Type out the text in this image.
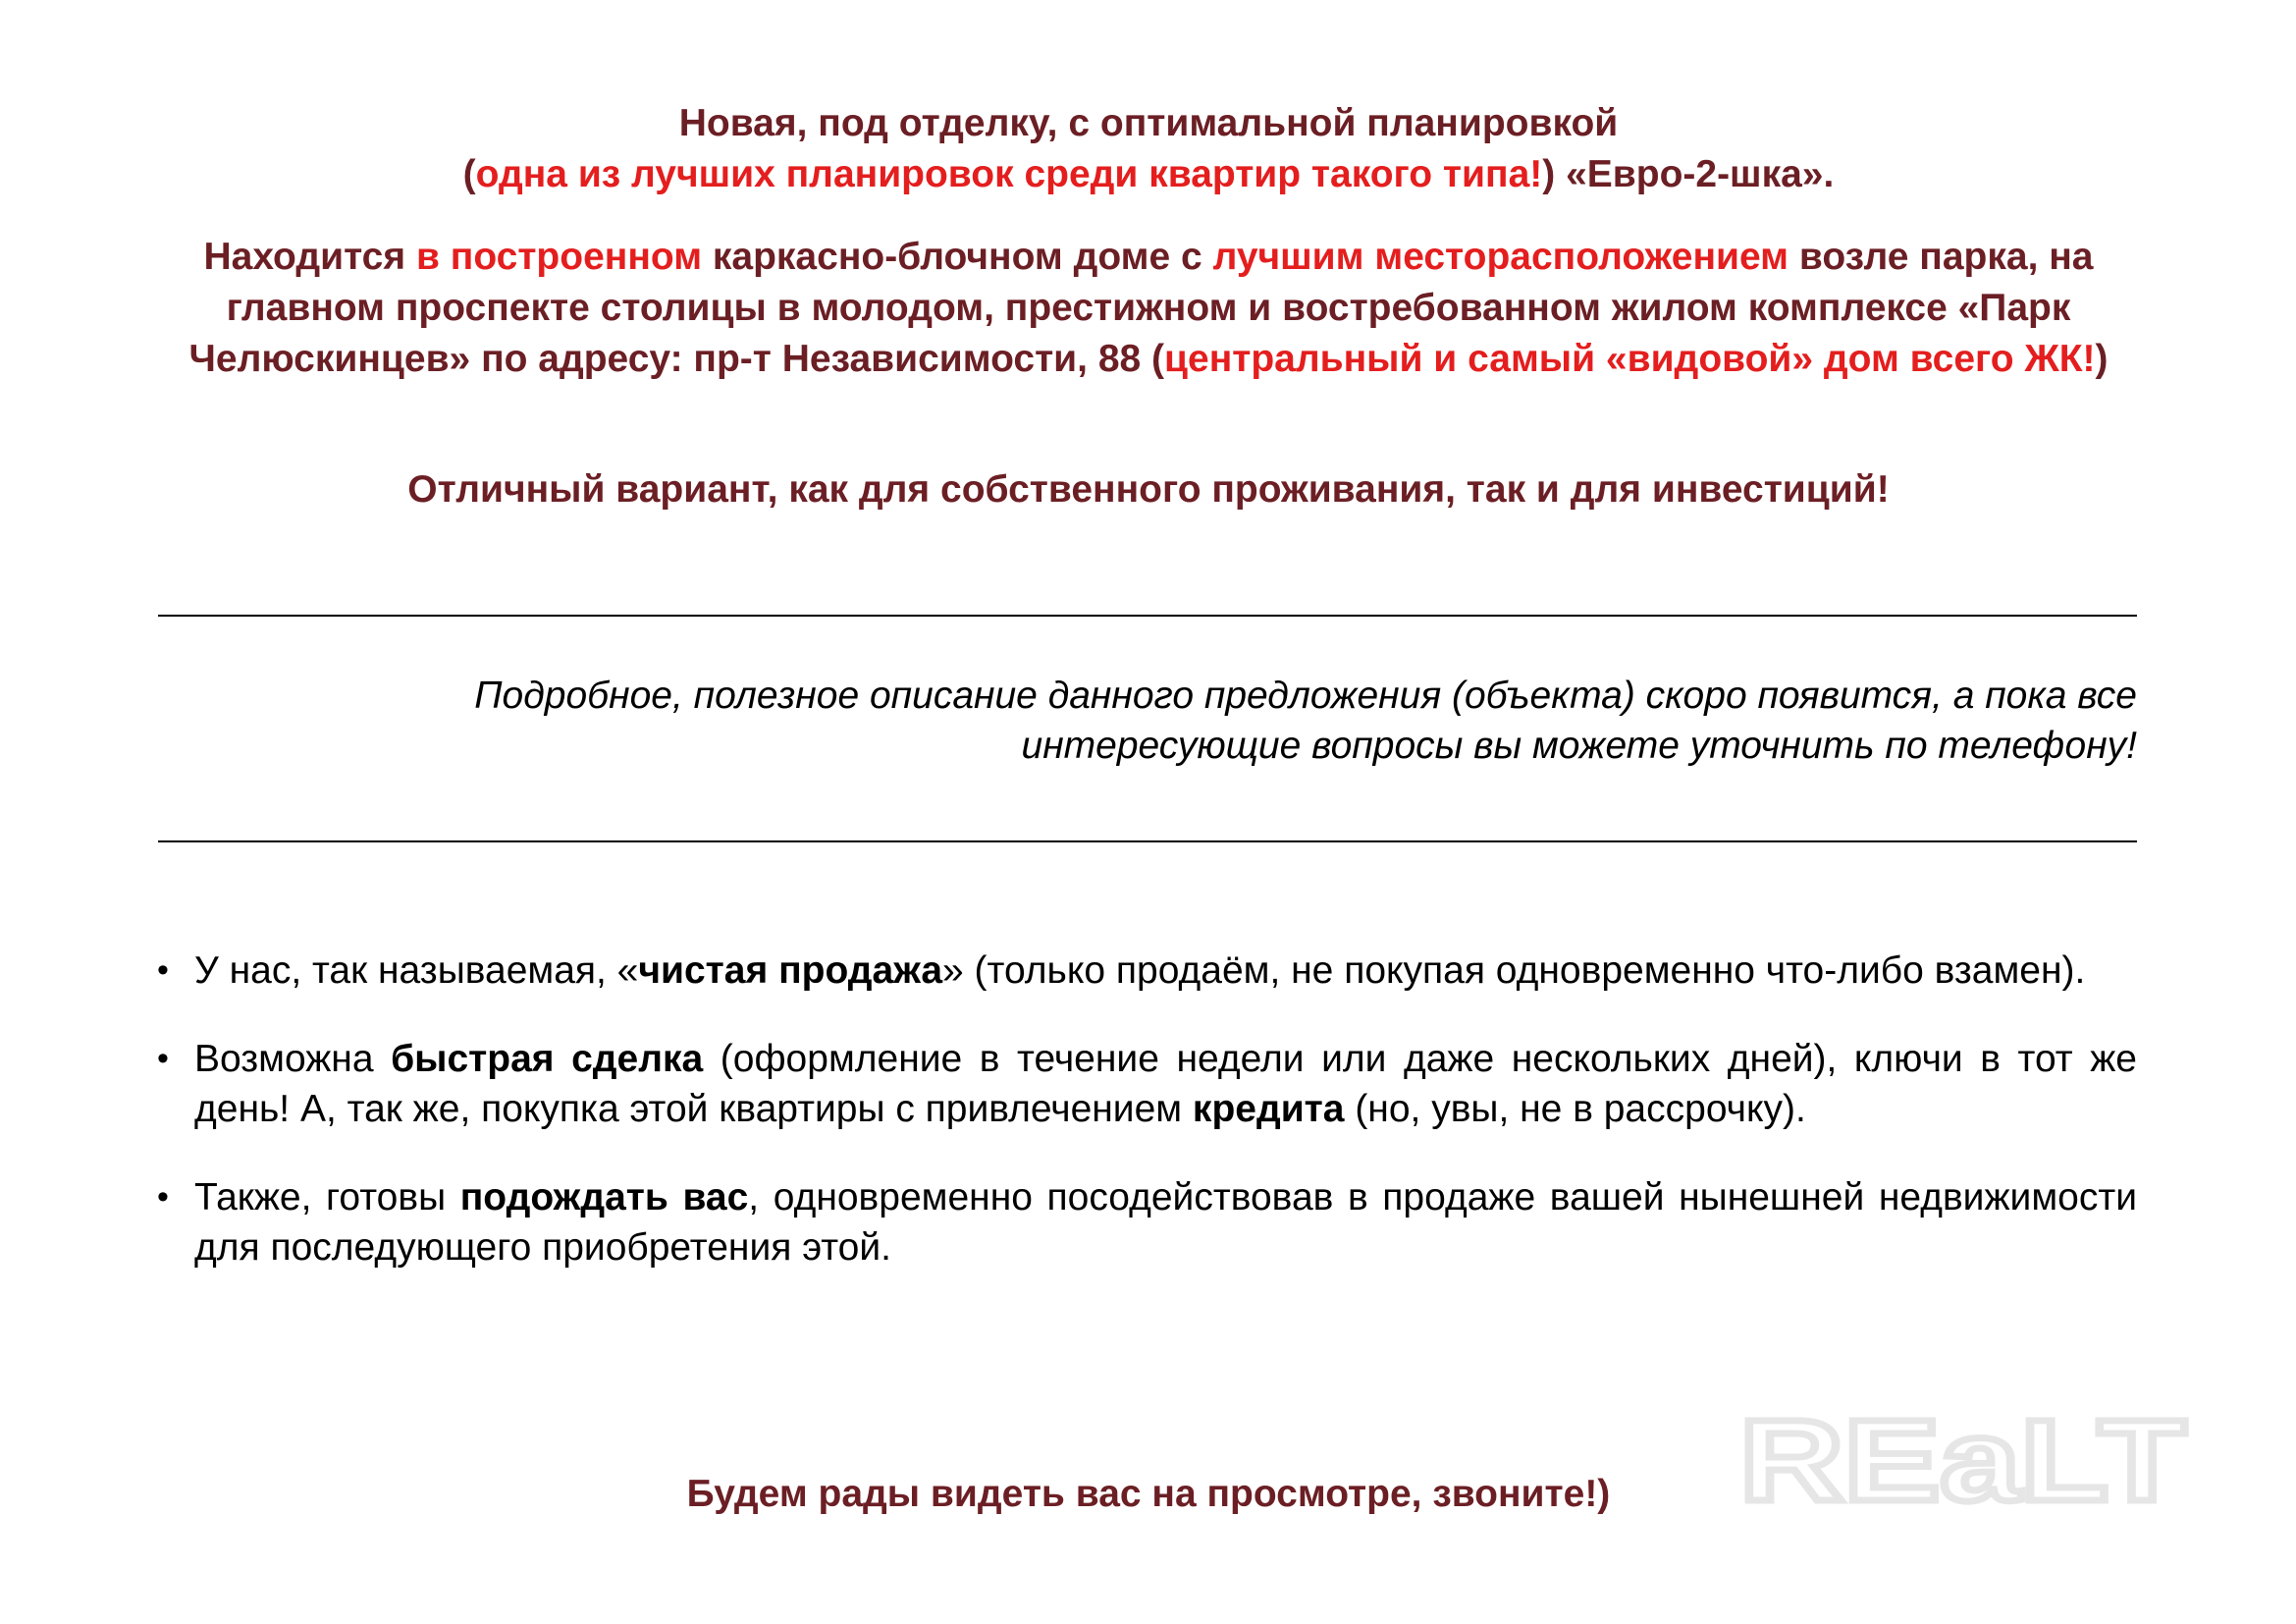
Новая, под отделку, с оптимальной планировкой
(одна из лучших планировок среди квартир такого типа!) «Евро-2-шка».
Находится в построенном каркасно-блочном доме с лучшим месторасположением возле парка, на главном проспекте столицы в молодом, престижном и востребованном жилом комплексе «Парк Челюскинцев» по адресу: пр-т Независимости, 88 (центральный и самый «видовой» дом всего ЖК!)
Отличный вариант, как для собственного проживания, так и для инвестиций!
Подробное, полезное описание данного предложения (объекта) скоро появится, а пока все
интересующие вопросы вы можете уточнить по телефону!
• У нас, так называемая, «чистая продажа» (только продаём, не покупая одновременно что-либо взамен).
• Возможна быстрая сделка (оформление в течение недели или даже нескольких дней), ключи в тот же день! А, так же, покупка этой квартиры с привлечением кредита (но, увы, не в рассрочку).
• Также, готовы подождать вас, одновременно посодействовав в продаже вашей нынешней недвижимости для последующего приобретения этой.
Будем рады видеть вас на просмотре, звоните!)	REaLT
